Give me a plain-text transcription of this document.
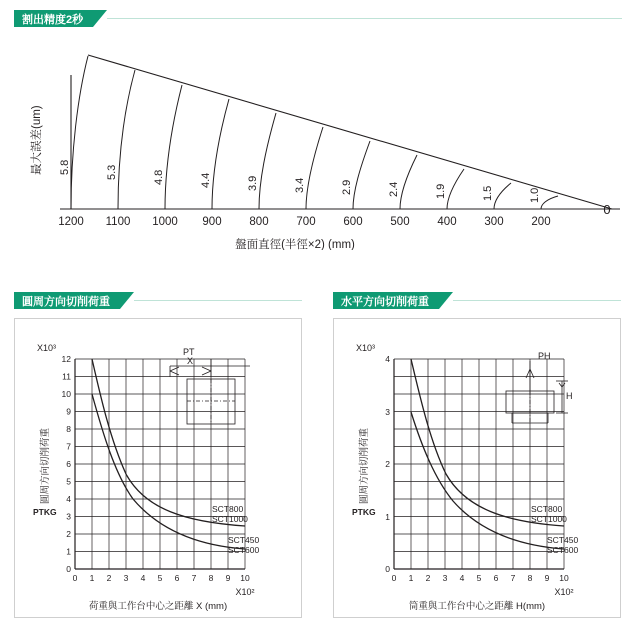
割出精度2秒
5.8	5.3	4.8	4.4	3.9	3.4	2.9	2.4	1.9	1.5	1.0
1200 1100 1000 900 800 700 600 500 400 300 200
0
最大誤差(um)
盤面直徑(半徑×2) (mm)
圓周方向切削荷重
0
1
2
3
4
5
6
7
8
9
10
11
12
0 1 2 3 4 5 6 7 8 9 10
X10³
X10²
PTKG
圓周方向切削荷重
SCT800
SCT1000
SCT450
SCT600
PT
X
荷重與工作台中心之距離 X (mm)
水平方向切削荷重
0
1
2
3
4
0 1 2 3 4 5 6 7 8 9 10
X10³
X10²
PTKG
圓周方向切削荷重
SCT800
SCT1000
SCT450
SCT600
PH
H
筒重與工作台中心之距離 H(mm)
